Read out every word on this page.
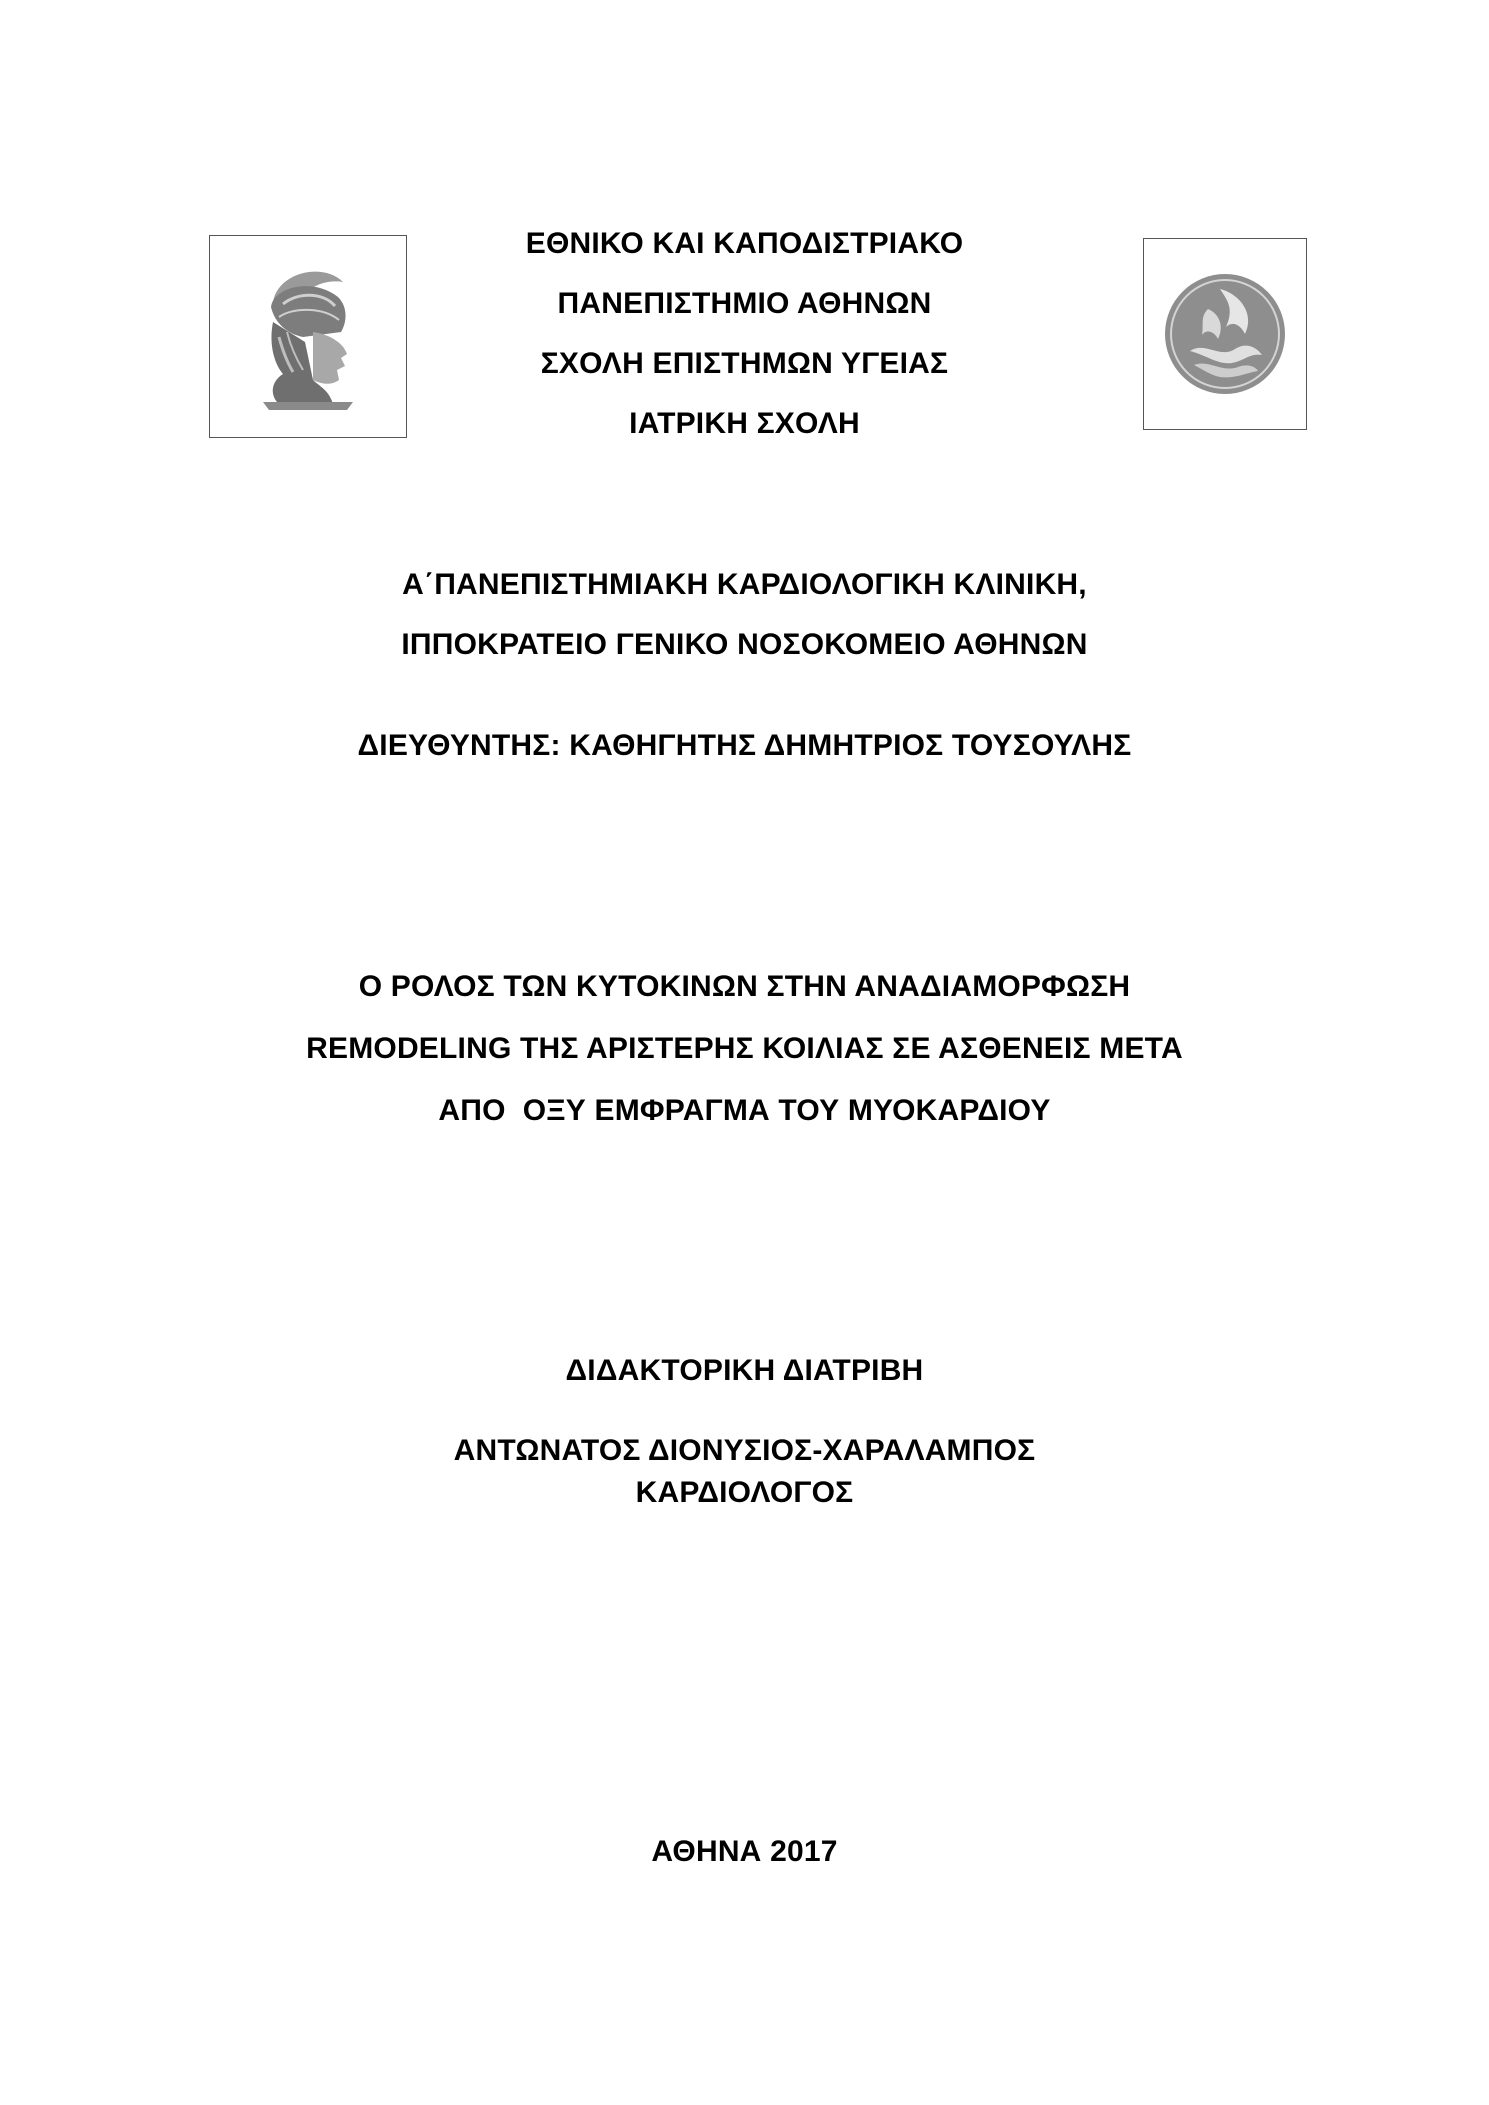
ΕΘΝΙΚΟ ΚΑΙ ΚΑΠΟΔΙΣΤΡΙΑΚΟ
ΠΑΝΕΠΙΣΤΗΜΙΟ ΑΘΗΝΩΝ
ΣΧΟΛΗ ΕΠΙΣΤΗΜΩΝ ΥΓΕΙΑΣ
ΙΑΤΡΙΚΗ ΣΧΟΛΗ
Α΄ΠΑΝΕΠΙΣΤΗΜΙΑΚΗ ΚΑΡΔΙΟΛΟΓΙΚΗ ΚΛΙΝΙΚΗ,
ΙΠΠΟΚΡΑΤΕΙΟ ΓΕΝΙΚΟ ΝΟΣΟΚΟΜΕΙΟ ΑΘΗΝΩΝ
ΔΙΕΥΘΥΝΤΗΣ: ΚΑΘΗΓΗΤΗΣ ΔΗΜΗΤΡΙΟΣ ΤΟΥΣΟΥΛΗΣ
Ο ΡΟΛΟΣ ΤΩΝ ΚΥΤΟΚΙΝΩΝ ΣΤΗΝ ΑΝΑΔΙΑΜΟΡΦΩΣΗ
REMODELING ΤΗΣ ΑΡΙΣΤΕΡΗΣ ΚΟΙΛΙΑΣ ΣΕ ΑΣΘΕΝΕΙΣ ΜΕΤΑ
ΑΠΟ  ΟΞΥ ΕΜΦΡΑΓΜΑ ΤΟΥ ΜΥΟΚΑΡΔΙΟΥ
ΔΙΔΑΚΤΟΡΙΚΗ ΔΙΑΤΡΙΒΗ
ΑΝΤΩΝΑΤΟΣ ΔΙΟΝΥΣΙΟΣ-ΧΑΡΑΛΑΜΠΟΣ
ΚΑΡΔΙΟΛΟΓΟΣ
ΑΘΗΝΑ 2017
